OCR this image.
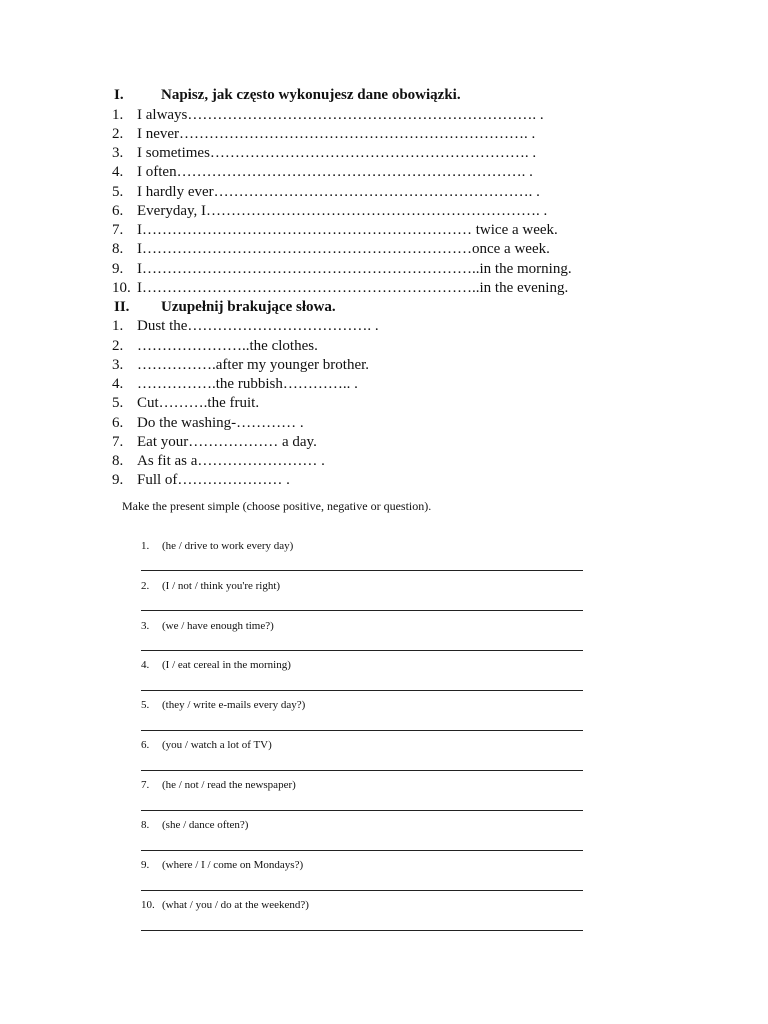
I. Napisz, jak często wykonujesz dane obowiązki.
1. I always……………………………………………………………. .
2. I never……………………………………………………………. .
3. I sometimes………………………………………………………. .
4. I often……………………………………………………………. .
5. I hardly ever………………………………………………………. .
6. Everyday, I…………………………………………………………. .
7. I………………………………………………………… twice a week.
8. I…………………………………………………………once a week.
9. I…………………………………………………………..in the morning.
10. I…………………………………………………………..in the evening.
II. Uzupełnij brakujące słowa.
1. Dust the………………………………. .
2. …………………..the clothes.
3. …………….after my younger brother.
4. …………….the rubbish………….. .
5. Cut……….the fruit.
6. Do the washing-………… .
7. Eat your……………… a day.
8. As fit as a…………………… .
9. Full of………………… .
Make the present simple (choose positive, negative or question).
1. (he / drive to work every day)
2. (I / not / think you're right)
3. (we / have enough time?)
4. (I / eat cereal in the morning)
5. (they / write e-mails every day?)
6. (you / watch a lot of TV)
7. (he / not / read the newspaper)
8. (she / dance often?)
9. (where / I / come on Mondays?)
10. (what / you / do at the weekend?)
